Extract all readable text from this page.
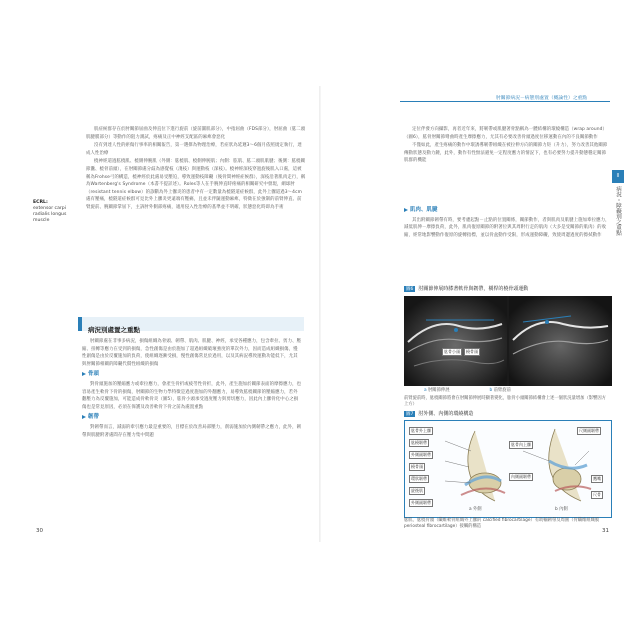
肘關節病況－病態別處置（概論性）之重點
II
病況・障礙別之重點
ECRL:
extensor carpi radialis longus muscle

肌症候群存在於肘關節屈曲及伸直位下進行旋前（旋前圓肌部分），中指屈曲（FDS部分），肘屈曲（肱二頭肌腱膜部分）等動作的阻力測試，疼痛及正中神經支配區的麻痺會惡化

沒有到達人性的瘀傷行事率的相關報告，第一選擇為物理治療，若症狀為延遲3～6個月依照規定執行，達成人性治療

橈神經道過肱橈肌、橈側伸腕肌（外側：肱橈肌、橈側伸腕肌；內側：肱肌、肱二頭肌肌腱；後側：肱橈關節囊、橈骨前頭），在肘關節處分歧為感覺枝（淺枝）與運動枝（深枝）。橈神經深枝穿過旋後肌入口處，這被稱為Frohse弓的構造，橈神經於此處易受壓迫，導致運動枝障礙（後骨間神經症候群），深枝沿著肌肉走行，稱為Wartenberg's Syndrome（本書不提詳述）。Roles等人在手腕伸直時疼痛的相關研究中發現，網球肘（resistant tennis elbow）的診斷為外上髁炎的患者中有一定數量為橈隧道症候群，此外上髁道過3～4cm處有壓痛，橈隧道症候群可見比外上髁炎更遠端有壓痛，且並未伴隨運動麻痺，特徵在於強制的前臂伸直、前臂旋前、腕關節掌屈下，主訴肘外側部疼痛，適用侵入性治療的基準並不明確，狀態惡化時即為手術

病況別處置之重點

肘關節處在非事多病況，損傷組織為骨頭、韌帶、肌肉、肌腱、神經，承受各種應力，包含牽拉、剪力、壓縮、扭轉等應力在受到的損傷，急性創傷是由於施加了超過組織破壞強度的單次外力，因而造成組織損傷，慢性創傷是由於反覆施加的負荷，使組織逐漸受損，慢性創傷常見於過用，以及其病況導致運動功能低下，尤其與肘關節相關的障礙代償性組織的損傷

骨頭

對骨頭施加的壓縮應力或牽拉應力，會產生骨折或疲勞性骨折，此外，產生施加於關節表面的摩擦應力，也容易產生軟骨下骨的損傷，肘關節的生物力學特徵是過度施加的外翻應力，易導致肱橈關節的壓縮應力，若外翻壓力為反覆施加，可能造成骨軟骨炎（圖5），肱骨小頭承受過度壓力與剪切應力，因此內上髁骨化中心之損傷也是常見原因，必須在保護及改善軟骨下骨之前為處置重點

韌帶

對韌帶而言，減弱的牽引應力最是重要的，目標在於改善局部壓力，削弱施加於內側韌帶之應力，此外，韌帶與肌腱附著處間存在壓力集中問題

30

定位伴發方向攝影，再者近年來，將韌帶或肌腱著骨點稱為一體結構的環繞構造（wrap around）（圖6），肱骨肘關節彎曲時產生摩擦應力，尤其有必要改善骨頭過度位移運動在內的不良關節動作

不僅如此，產生疼痛的動作中環誘導韌帶組織在被拉伸方向的關節力矩（升力），努力改善其他關節傳動狀態及動力鏈，此外，動作有性無法避免一定程度應力的情況下，也有必要努力提升動態穩定關節肌群的機能

肌肉、肌腱

其出附關節韌帶有時，要考慮起點－止點的位置關係，關節動作，者與肌肉及肌腱上施加牽拉應力，減低肌伸－摩擦負荷，此外，肌肉復原關節的附著位與其周附行走的肌肉（大多是受關節的肌肉）的收縮，經常地影響動作復原的旋轉指標，並以骨盆動作受限，形成運動障礙，致使周邊過度的擦拭動作

圖6	肘關節伸展時膝著軟骨與韌帶，橫桿的橈骨頭運動
肱骨小頭	橈骨頭
a 肘關節伸展	b 前臂旋前
前臂旋前時，肱橈關節將會在肘關節伸展時顯著變化，肱骨小頭關節結構會上述一個狀況量增加（影響因方上方）
圖7	肘外側、內側的環繞構造
肱骨外上髁
肱橈韌帶
外側副韌帶
橈骨頭
環狀韌帶
旋後肌
外側副韌帶
肱骨內上髁
尺側副韌帶
內側副韌帶	鷹嘴
尺骨
a 外側	b 內側
肱肌、肱橈骨頭（纖維軟骨組織外上髁的 calcified fibrocartilage）有助輸韌帶及周圍（骨纖維組織膜 periosteal fibrocartilage）接觸的構造
31
